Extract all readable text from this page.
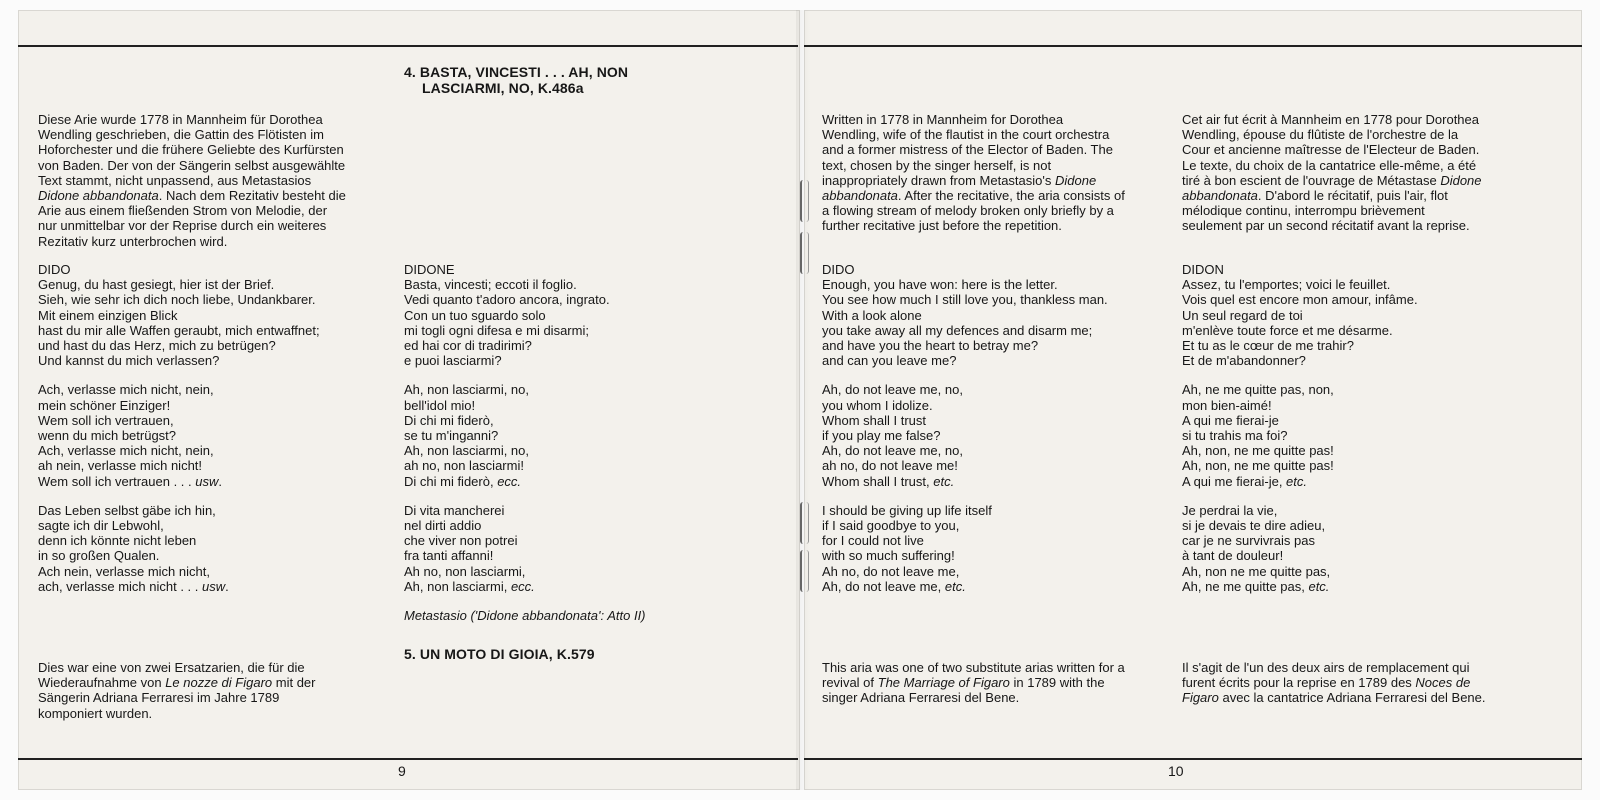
4. BASTA, VINCESTI . . . AH, NON
LASCIARMI, NO, K.486a
5. UN MOTO DI GIOIA, K.579

Diese Arie wurde 1778 in Mannheim für Dorothea

Wendling geschrieben, die Gattin des Flötisten im

Hoforchester und die frühere Geliebte des Kurfürsten

von Baden. Der von der Sängerin selbst ausgewählte

Text stammt, nicht unpassend, aus Metastasios

Didone abbandonata. Nach dem Rezitativ besteht die

Arie aus einem fließenden Strom von Melodie, der

nur unmittelbar vor der Reprise durch ein weiteres

Rezitativ kurz unterbrochen wird.

DIDO

Genug, du hast gesiegt, hier ist der Brief.

Sieh, wie sehr ich dich noch liebe, Undankbarer.

Mit einem einzigen Blick

hast du mir alle Waffen geraubt, mich entwaffnet;

und hast du das Herz, mich zu betrügen?

Und kannst du mich verlassen?

Ach, verlasse mich nicht, nein,

mein schöner Einziger!

Wem soll ich vertrauen,

wenn du mich betrügst?

Ach, verlasse mich nicht, nein,

ah nein, verlasse mich nicht!

Wem soll ich vertrauen . . . usw.

Das Leben selbst gäbe ich hin,

sagte ich dir Lebwohl,

denn ich könnte nicht leben

in so großen Qualen.

Ach nein, verlasse mich nicht,

ach, verlasse mich nicht . . . usw.

Dies war eine von zwei Ersatzarien, die für die

Wiederaufnahme von Le nozze di Figaro mit der

Sängerin Adriana Ferraresi im Jahre 1789

komponiert wurden.

DIDONE

Basta, vincesti; eccoti il foglio.

Vedi quanto t'adoro ancora, ingrato.

Con un tuo sguardo solo

mi togli ogni difesa e mi disarmi;

ed hai cor di tradirimi?

e puoi lasciarmi?

Ah, non lasciarmi, no,

bell'idol mio!

Di chi mi fiderò,

se tu m'inganni?

Ah, non lasciarmi, no,

ah no, non lasciarmi!

Di chi mi fiderò, ecc.

Di vita mancherei

nel dirti addio

che viver non potrei

fra tanti affanni!

Ah no, non lasciarmi,

Ah, non lasciarmi, ecc.

Metastasio ('Didone abbandonata': Atto II)

9

Written in 1778 in Mannheim for Dorothea

Wendling, wife of the flautist in the court orchestra

and a former mistress of the Elector of Baden. The

text, chosen by the singer herself, is not

inappropriately drawn from Metastasio's Didone

abbandonata. After the recitative, the aria consists of

a flowing stream of melody broken only briefly by a

further recitative just before the repetition.

DIDO

Enough, you have won: here is the letter.

You see how much I still love you, thankless man.

With a look alone

you take away all my defences and disarm me;

and have you the heart to betray me?

and can you leave me?

Ah, do not leave me, no,

you whom I idolize.

Whom shall I trust

if you play me false?

Ah, do not leave me, no,

ah no, do not leave me!

Whom shall I trust, etc.

I should be giving up life itself

if I said goodbye to you,

for I could not live

with so much suffering!

Ah no, do not leave me,

Ah, do not leave me, etc.

This aria was one of two substitute arias written for a

revival of The Marriage of Figaro in 1789 with the

singer Adriana Ferraresi del Bene.

Cet air fut écrit à Mannheim en 1778 pour Dorothea

Wendling, épouse du flûtiste de l'orchestre de la

Cour et ancienne maîtresse de l'Electeur de Baden.

Le texte, du choix de la cantatrice elle-même, a été

tiré à bon escient de l'ouvrage de Métastase Didone

abbandonata. D'abord le récitatif, puis l'air, flot

mélodique continu, interrompu brièvement

seulement par un second récitatif avant la reprise.

DIDON

Assez, tu l'emportes; voici le feuillet.

Vois quel est encore mon amour, infâme.

Un seul regard de toi

m'enlève toute force et me désarme.

Et tu as le cœur de me trahir?

Et de m'abandonner?

Ah, ne me quitte pas, non,

mon bien-aimé!

A qui me fierai-je

si tu trahis ma foi?

Ah, non, ne me quitte pas!

Ah, non, ne me quitte pas!

A qui me fierai-je, etc.

Je perdrai la vie,

si je devais te dire adieu,

car je ne survivrais pas

à tant de douleur!

Ah, non ne me quitte pas,

Ah, ne me quitte pas, etc.

Il s'agit de l'un des deux airs de remplacement qui

furent écrits pour la reprise en 1789 des Noces de

Figaro avec la cantatrice Adriana Ferraresi del Bene.

10
